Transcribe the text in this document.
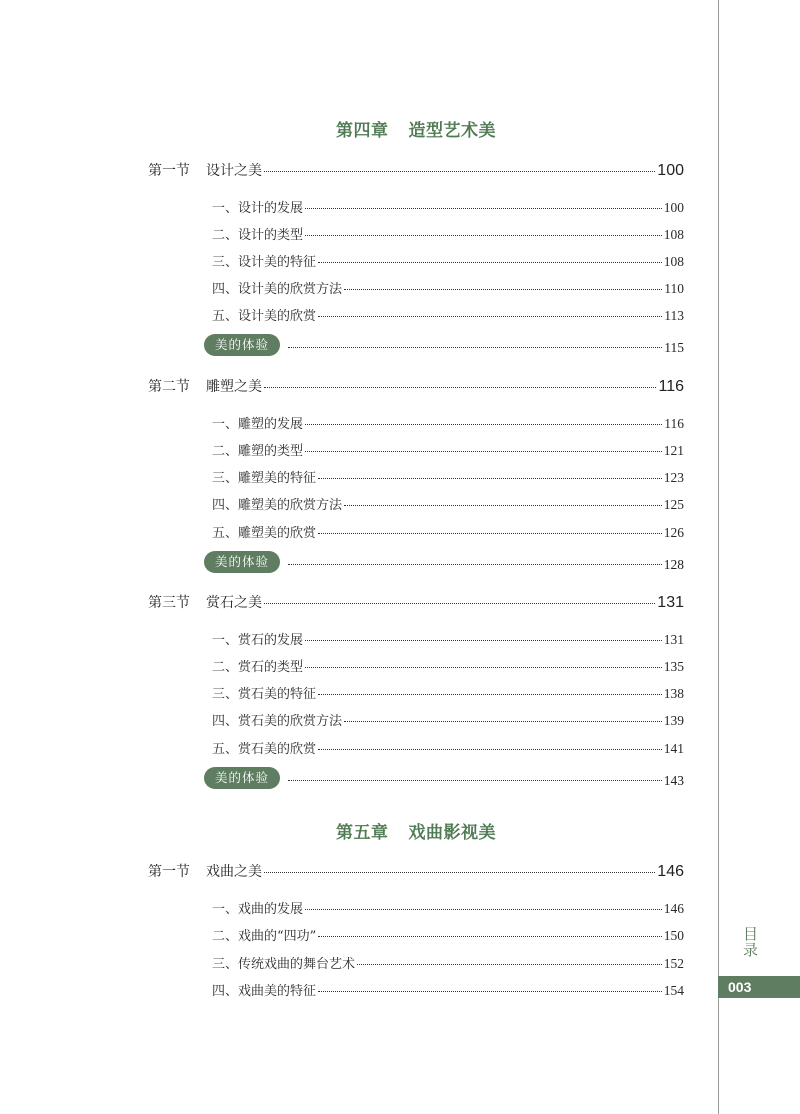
目录
003
第四章 造型艺术美
第一节 设计之美	100
一、设计的发展	100
二、设计的类型	108
三、设计美的特征	108
四、设计美的欣赏方法	110
五、设计美的欣赏	113
美的体验	115
第二节 雕塑之美	116
一、雕塑的发展	116
二、雕塑的类型	121
三、雕塑美的特征	123
四、雕塑美的欣赏方法	125
五、雕塑美的欣赏	126
美的体验	128
第三节 赏石之美	131
一、赏石的发展	131
二、赏石的类型	135
三、赏石美的特征	138
四、赏石美的欣赏方法	139
五、赏石美的欣赏	141
美的体验	143
第五章 戏曲影视美
第一节 戏曲之美	146
一、戏曲的发展	146
二、戏曲的“四功”	150
三、传统戏曲的舞台艺术	152
四、戏曲美的特征	154
